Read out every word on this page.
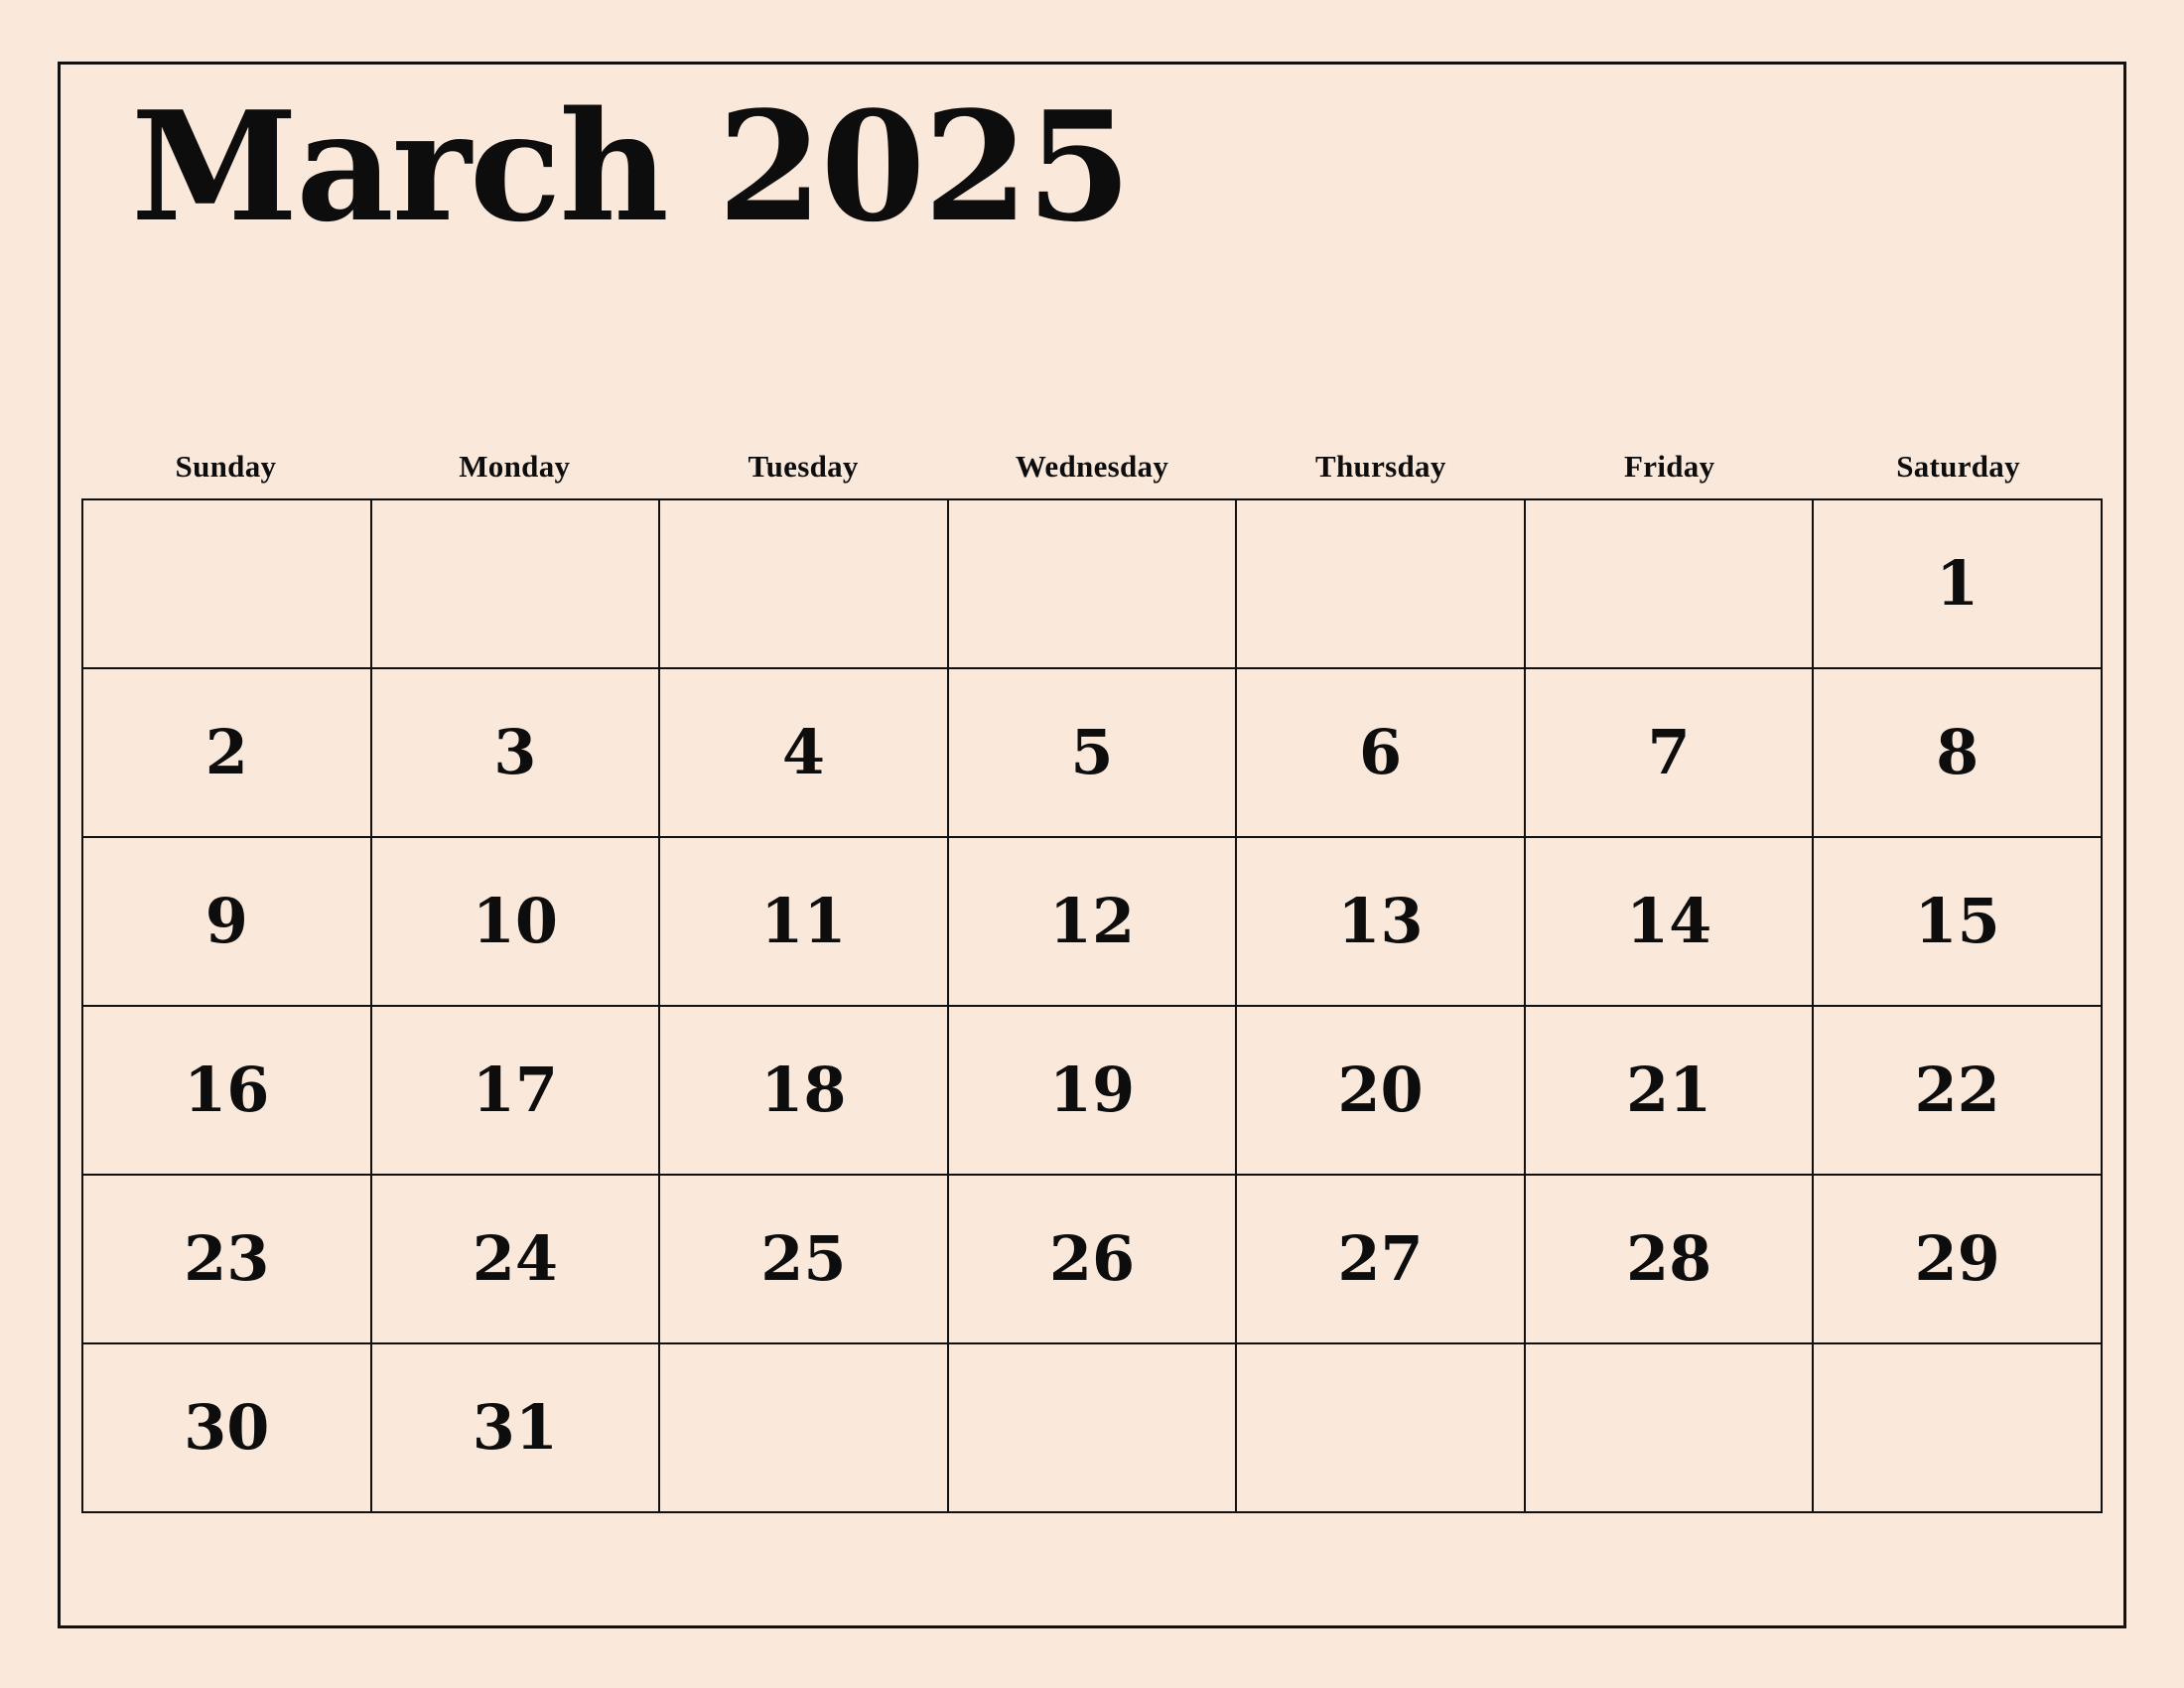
March 2025
Sunday	Monday	Tuesday	Wednesday	Thursday	Friday	Saturday
						1
2	3	4	5	6	7	8
9	10	11	12	13	14	15
16	17	18	19	20	21	22
23	24	25	26	27	28	29
30	31					
